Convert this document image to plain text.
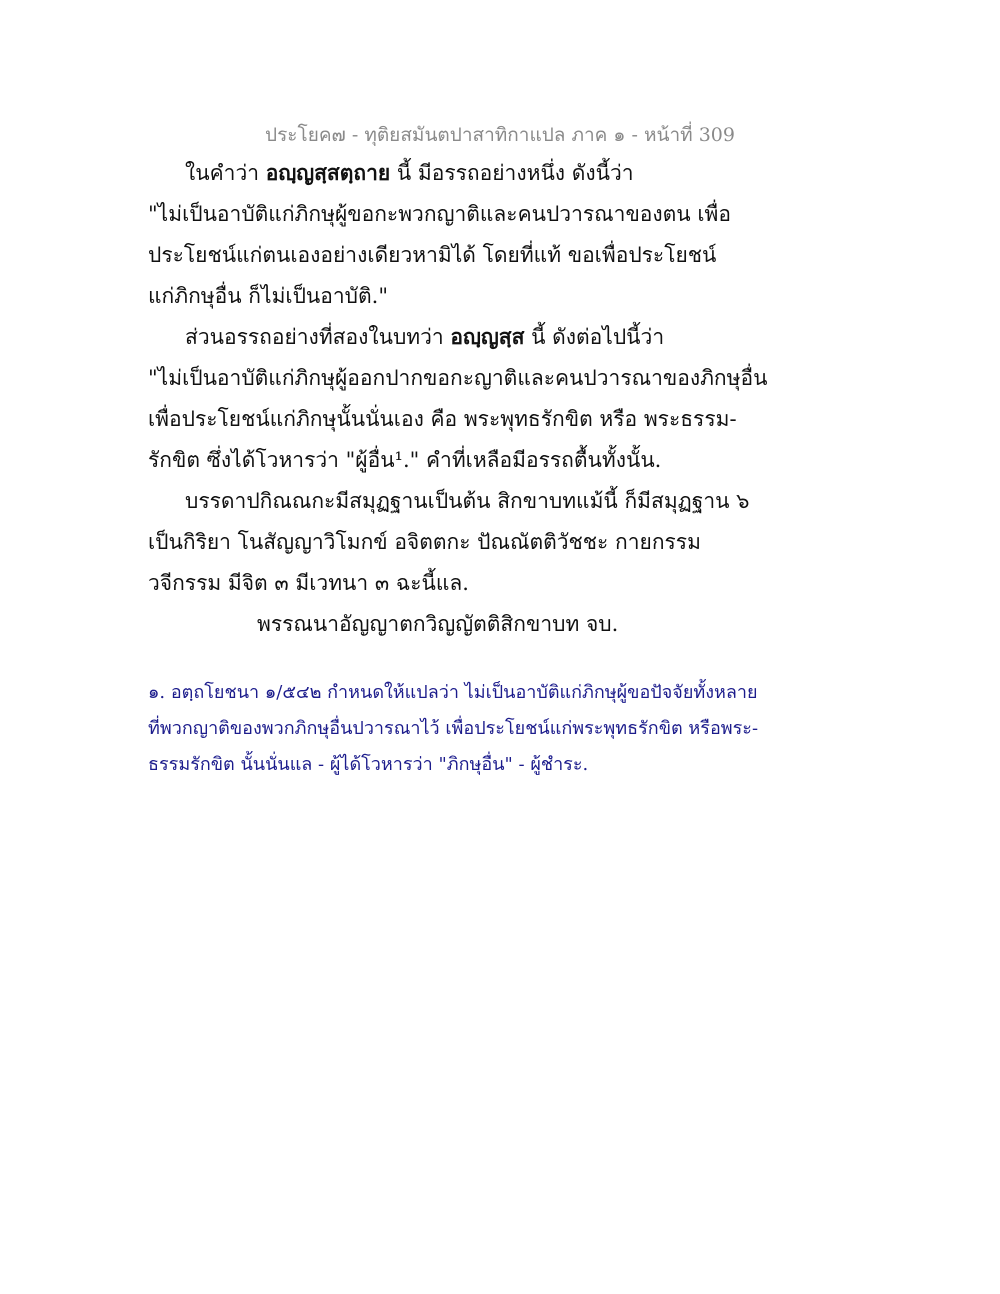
ประโยค๗ - ทุติยสมันตปาสาทิกาแปล ภาค ๑ - หน้าที่ 309
ในคำว่า อญฺญสฺสตฺถาย นี้ มีอรรถอย่างหนึ่ง ดังนี้ว่า
"ไม่เป็นอาบัติแก่ภิกษุผู้ขอกะพวกญาติและคนปวารณาของตน เพื่อ
ประโยชน์แก่ตนเองอย่างเดียวหามิได้ โดยที่แท้ ขอเพื่อประโยชน์
แก่ภิกษุอื่น ก็ไม่เป็นอาบัติ."
ส่วนอรรถอย่างที่สองในบทว่า อญฺญสฺส นี้ ดังต่อไปนี้ว่า
"ไม่เป็นอาบัติแก่ภิกษุผู้ออกปากขอกะญาติและคนปวารณาของภิกษุอื่น
เพื่อประโยชน์แก่ภิกษุนั้นนั่นเอง คือ พระพุทธรักขิต หรือ พระธรรม-
รักขิต ซึ่งได้โวหารว่า "ผู้อื่น¹." คำที่เหลือมีอรรถตื้นทั้งนั้น.
บรรดาปกิณณกะมีสมุฏฐานเป็นต้น สิกขาบทแม้นี้ ก็มีสมุฏฐาน ๖
เป็นกิริยา โนสัญญาวิโมกข์ อจิตตกะ ปัณณัตติวัชชะ กายกรรม
วจีกรรม มีจิต ๓ มีเวทนา ๓ ฉะนี้แล.
พรรณนาอัญญาตกวิญญัตติสิกขาบท จบ.
๑. อตฺถโยชนา ๑/๕๔๒ กำหนดให้แปลว่า ไม่เป็นอาบัติแก่ภิกษุผู้ขอปัจจัยทั้งหลาย
ที่พวกญาติของพวกภิกษุอื่นปวารณาไว้ เพื่อประโยชน์แก่พระพุทธรักขิต หรือพระ-
ธรรมรักขิต นั้นนั่นแล - ผู้ได้โวหารว่า "ภิกษุอื่น" - ผู้ชำระ.
